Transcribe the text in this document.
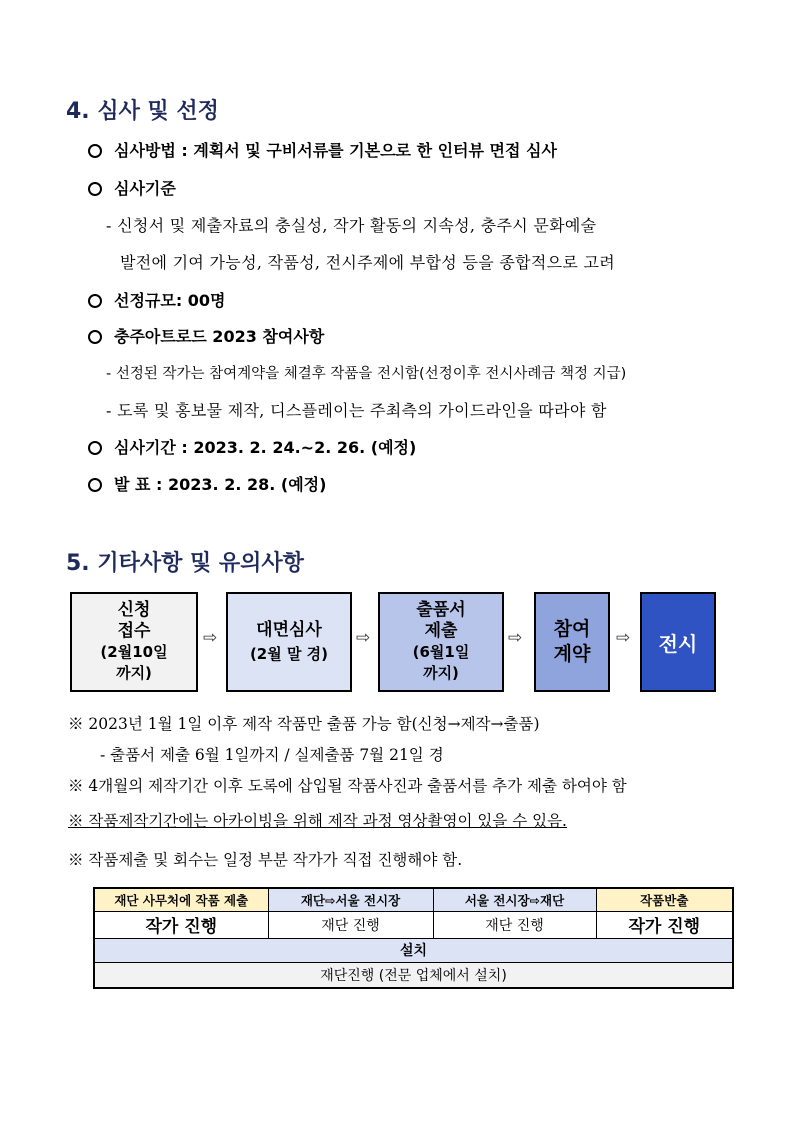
4. 심사 및 선정
심사방법 : 계획서 및 구비서류를 기본으로 한 인터뷰 면접 심사
심사기준
- 신청서 및 제출자료의 충실성, 작가 활동의 지속성, 충주시 문화예술
발전에 기여 가능성, 작품성, 전시주제에 부합성 등을 종합적으로 고려
선정규모: 00명
충주아트로드 2023 참여사항
- 선정된 작가는 참여계약을 체결후 작품을 전시함(선정이후 전시사례금 책정 지급)
- 도록 및 홍보물 제작, 디스플레이는 주최측의 가이드라인을 따라야 함
심사기간 : 2023. 2. 24.~2. 26. (예정)
발 표 : 2023. 2. 28. (예정)
5. 기타사항 및 유의사항
신청
접수
(2월10일
까지)
⇨	대면심사
(2월 말 경)
⇨
출품서
제출
(6월1일
까지)
⇨ 참여
계약
⇨ 전시
※ 2023년 1월 1일 이후 제작 작품만 출품 가능 함(신청→제작→출품)
- 출품서 제출 6월 1일까지 / 실제출품 7월 21일 경
※ 4개월의 제작기간 이후 도록에 삽입될 작품사진과 출품서를 추가 제출 하여야 함
※ 작품제작기간에는 아카이빙을 위해 제작 과정 영상촬영이 있을 수 있음.
※ 작품제출 및 회수는 일정 부분 작가가 직접 진행해야 함.
재단 사무처에 작품 제출	재단⇨서울 전시장	서울 전시장⇨재단	작품반출
작가 진행	재단 진행	재단 진행	작가 진행
설치			
재단진행 (전문 업체에서 설치)			
